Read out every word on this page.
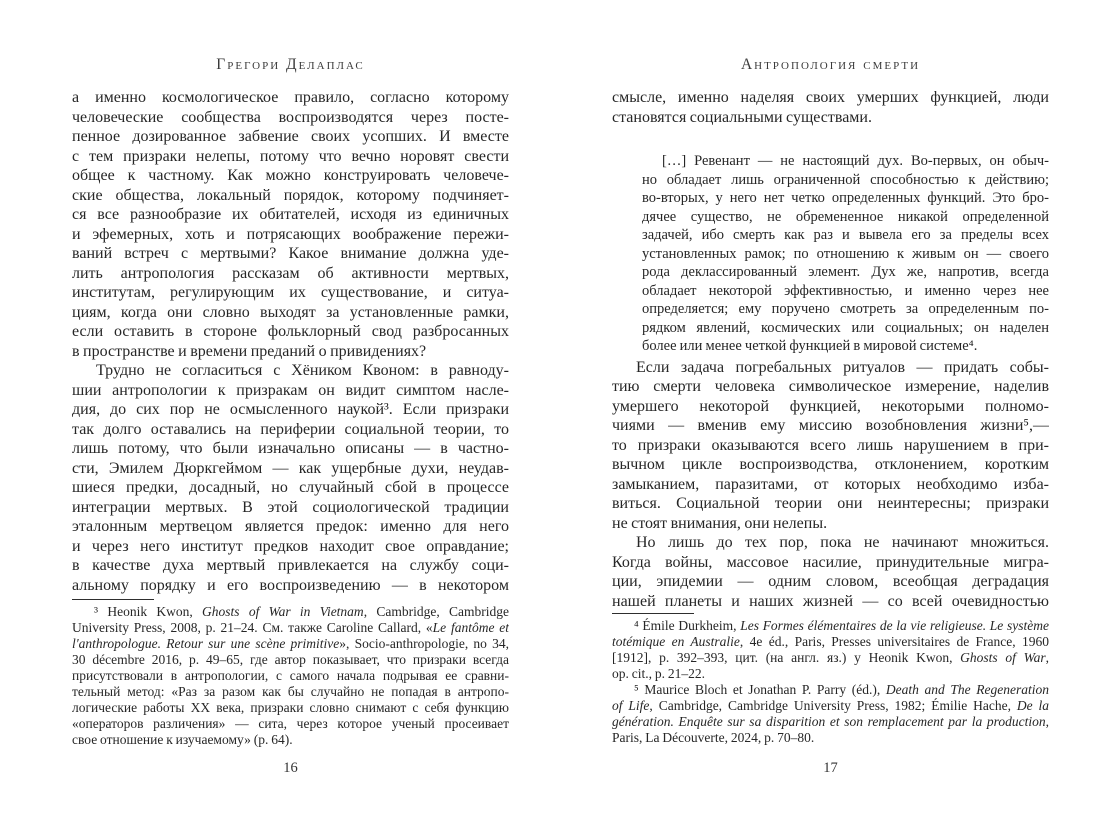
Грегори Делаплас
а именно космологическое правило, согласно которому
человеческие сообщества воспроизводятся через посте-
пенное дозированное забвение своих усопших. И вместе
с тем призраки нелепы, потому что вечно норовят свести
общее к частному. Как можно конструировать человече-
ские общества, локальный порядок, которому подчиняет-
ся все разнообразие их обитателей, исходя из единичных
и эфемерных, хоть и потрясающих воображение пережи-
ваний встреч с мертвыми? Какое внимание должна уде-
лить антропология рассказам об активности мертвых,
институтам, регулирующим их существование, и ситуа-
циям, когда они словно выходят за установленные рамки,
если оставить в стороне фольклорный свод разбросанных
в пространстве и времени преданий о привидениях?
Трудно не согласиться с Хёником Квоном: в равноду-
шии антропологии к призракам он видит симптом насле-
дия, до сих пор не осмысленного наукой³. Если призраки
так долго оставались на периферии социальной теории, то
лишь потому, что были изначально описаны — в частно-
сти, Эмилем Дюркгеймом — как ущербные духи, неудав-
шиеся предки, досадный, но случайный сбой в процессе
интеграции мертвых. В этой социологической традиции
эталонным мертвецом является предок: именно для него
и через него институт предков находит свое оправдание;
в качестве духа мертвый привлекается на службу соци-
альному порядку и его воспроизведению — в некотором
³ Heonik Kwon, Ghosts of War in Vietnam, Cambridge, Cambridge
University Press, 2008, p. 21–24. См. также Caroline Callard, «Le fantôme et
l'anthropologue. Retour sur une scène primitive», Socio-anthropologie, no 34,
30 décembre 2016, p. 49–65, где автор показывает, что призраки всегда
присутствовали в антропологии, с самого начала подрывая ее сравни-
тельный метод: «Раз за разом как бы случайно не попадая в антропо-
логические работы XX века, призраки словно снимают с себя функцию
«операторов различения» — сита, через которое ученый просеивает
свое отношение к изучаемому» (p. 64).
16
Антропология смерти
смысле, именно наделяя своих умерших функцией, люди
становятся социальными существами.
[…] Ревенант — не настоящий дух. Во-первых, он обыч-
но обладает лишь ограниченной способностью к действию;
во-вторых, у него нет четко определенных функций. Это бро-
дячее существо, не обремененное никакой определенной
задачей, ибо смерть как раз и вывела его за пределы всех
установленных рамок; по отношению к живым он — своего
рода деклассированный элемент. Дух же, напротив, всегда
обладает некоторой эффективностью, и именно через нее
определяется; ему поручено смотреть за определенным по-
рядком явлений, космических или социальных; он наделен
более или менее четкой функцией в мировой системе⁴.
Если задача погребальных ритуалов — придать собы-
тию смерти человека символическое измерение, наделив
умершего некоторой функцией, некоторыми полномо-
чиями — вменив ему миссию возобновления жизни⁵,—
то призраки оказываются всего лишь нарушением в при-
вычном цикле воспроизводства, отклонением, коротким
замыканием, паразитами, от которых необходимо изба-
виться. Социальной теории они неинтересны; призраки
не стоят внимания, они нелепы.
Но лишь до тех пор, пока не начинают множиться.
Когда войны, массовое насилие, принудительные мигра-
ции, эпидемии — одним словом, всеобщая деградация
нашей планеты и наших жизней — со всей очевидностью
⁴ Émile Durkheim, Les Formes élémentaires de la vie religieuse. Le système
totémique en Australie, 4e éd., Paris, Presses universitaires de France, 1960
[1912], p. 392–393, цит. (на англ. яз.) у Heonik Kwon, Ghosts of War,
op. cit., p. 21–22.
⁵ Maurice Bloch et Jonathan P. Parry (éd.), Death and The Regeneration
of Life, Cambridge, Cambridge University Press, 1982; Émilie Hache, De la
génération. Enquête sur sa disparition et son remplacement par la production,
Paris, La Découverte, 2024, p. 70–80.
17
